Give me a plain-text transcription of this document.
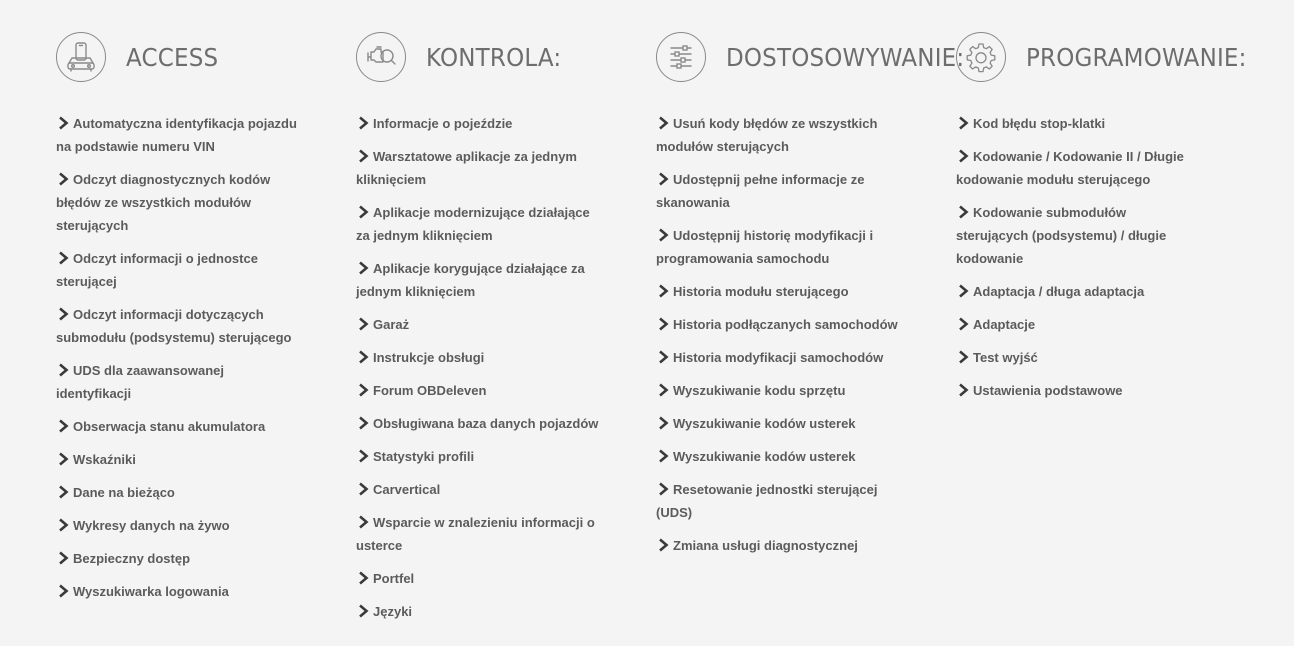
ACCESS
Automatyczna identyfikacja pojazdu na podstawie numeru VIN
Odczyt diagnostycznych kodów błędów ze wszystkich modułów sterujących
Odczyt informacji o jednostce sterującej
Odczyt informacji dotyczących submodułu (podsystemu) sterującego
UDS dla zaawansowanej identyfikacji
Obserwacja stanu akumulatora
Wskaźniki
Dane na bieżąco
Wykresy danych na żywo
Bezpieczny dostęp
Wyszukiwarka logowania
KONTROLA:
Informacje o pojeździe
Warsztatowe aplikacje za jednym kliknięciem
Aplikacje modernizujące działające za jednym kliknięciem
Aplikacje korygujące działające za jednym kliknięciem
Garaż
Instrukcje obsługi
Forum OBDeleven
Obsługiwana baza danych pojazdów
Statystyki profili
Carvertical
Wsparcie w znalezieniu informacji o usterce
Portfel
Języki
DOSTOSOWYWANIE:
Usuń kody błędów ze wszystkich modułów sterujących
Udostępnij pełne informacje ze skanowania
Udostępnij historię modyfikacji i programowania samochodu
Historia modułu sterującego
Historia podłączanych samochodów
Historia modyfikacji samochodów
Wyszukiwanie kodu sprzętu
Wyszukiwanie kodów usterek
Wyszukiwanie kodów usterek
Resetowanie jednostki sterującej (UDS)
Zmiana usługi diagnostycznej
PROGRAMOWANIE:
Kod błędu stop-klatki
Kodowanie / Kodowanie II / Długie kodowanie modułu sterującego
Kodowanie submodułów sterujących (podsystemu) / długie kodowanie
Adaptacja / długa adaptacja
Adaptacje
Test wyjść
Ustawienia podstawowe
